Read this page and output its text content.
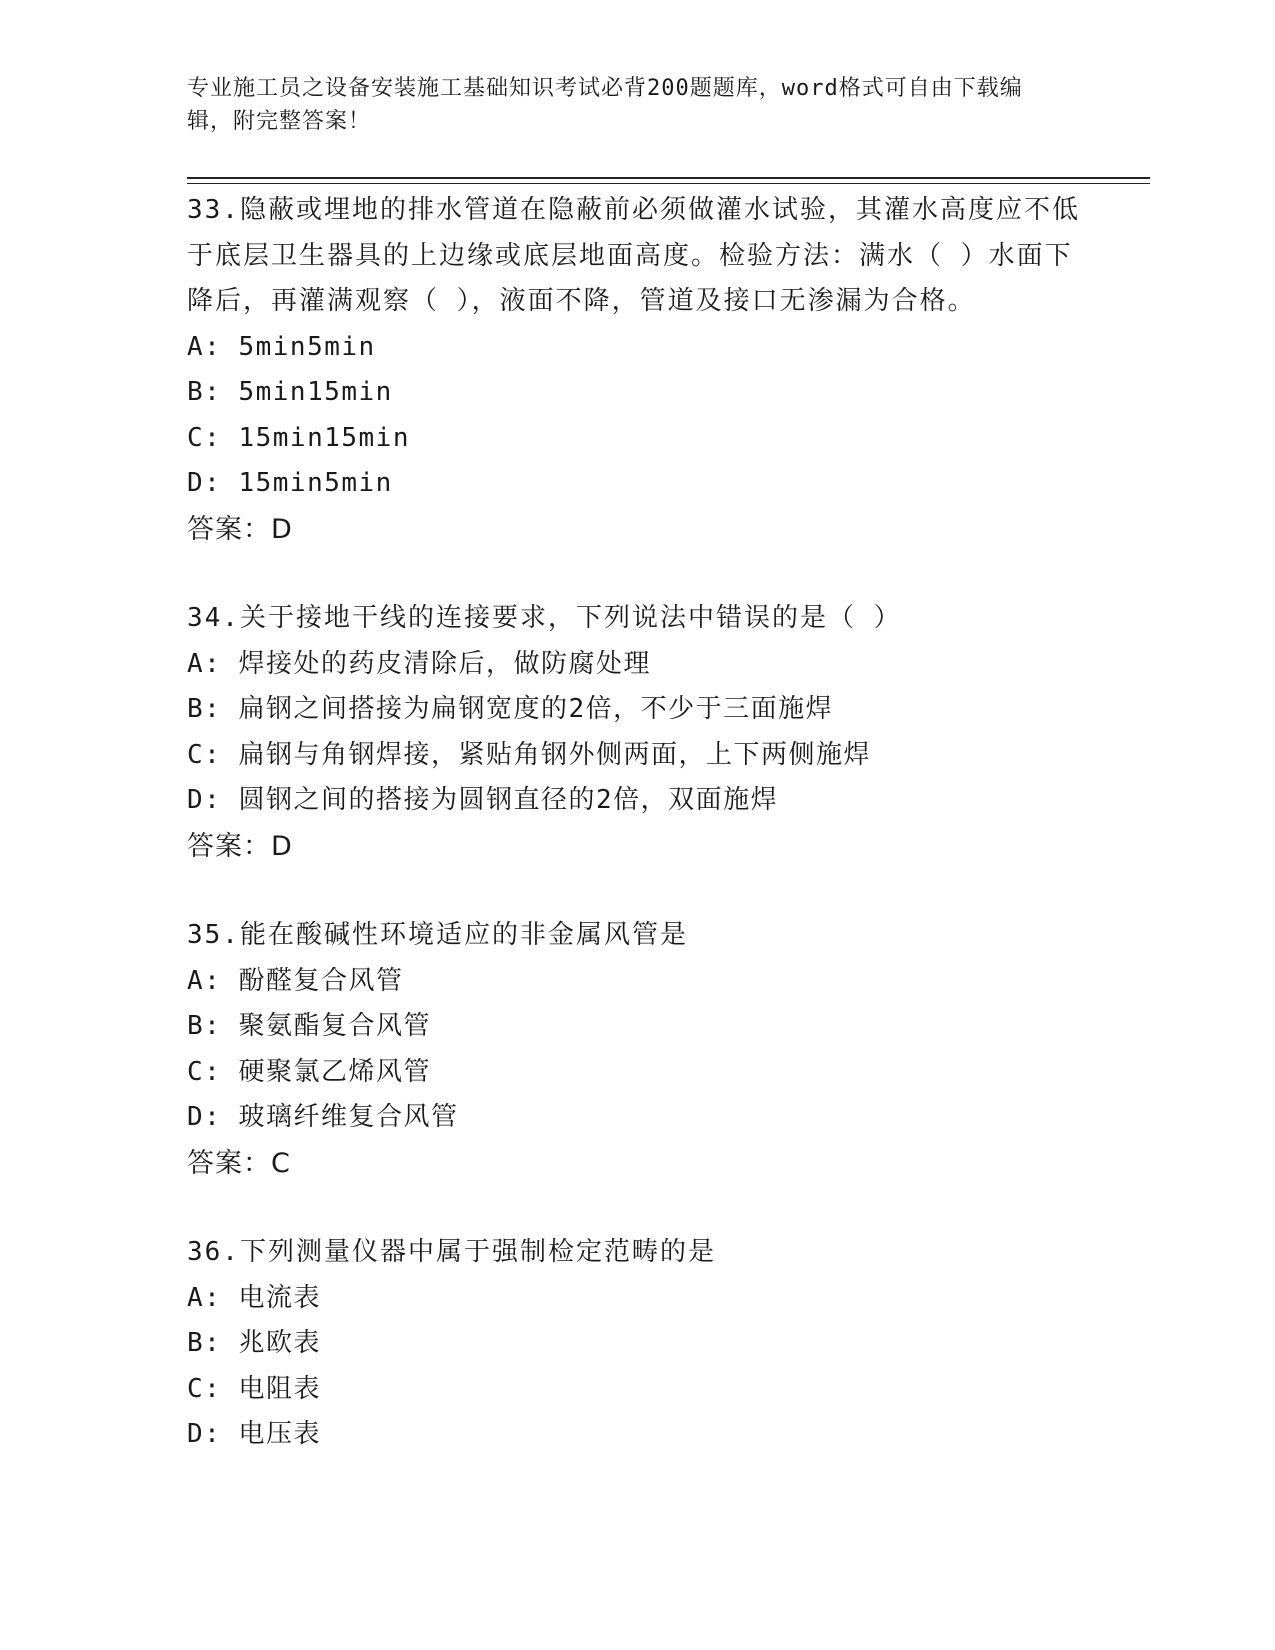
专业施工员之设备安装施工基础知识考试必背200题题库，word格式可自由下载编辑，附完整答案！

33.隐蔽或埋地的排水管道在隐蔽前必须做灌水试验，其灌水高度应不低于底层卫生器具的上边缘或底层地面高度。检验方法：满水（ ）水面下降后，再灌满观察（ ），液面不降，管道及接口无渗漏为合格。

A: 5min5min

B: 5min15min

C: 15min15min

D: 15min5min

答案：D

34.关于接地干线的连接要求，下列说法中错误的是（ ）

A: 焊接处的药皮清除后，做防腐处理

B: 扁钢之间搭接为扁钢宽度的2倍，不少于三面施焊

C: 扁钢与角钢焊接，紧贴角钢外侧两面，上下两侧施焊

D: 圆钢之间的搭接为圆钢直径的2倍，双面施焊

答案：D

35.能在酸碱性环境适应的非金属风管是

A: 酚醛复合风管

B: 聚氨酯复合风管

C: 硬聚氯乙烯风管

D: 玻璃纤维复合风管

答案：C

36.下列测量仪器中属于强制检定范畴的是

A: 电流表

B: 兆欧表

C: 电阻表

D: 电压表
